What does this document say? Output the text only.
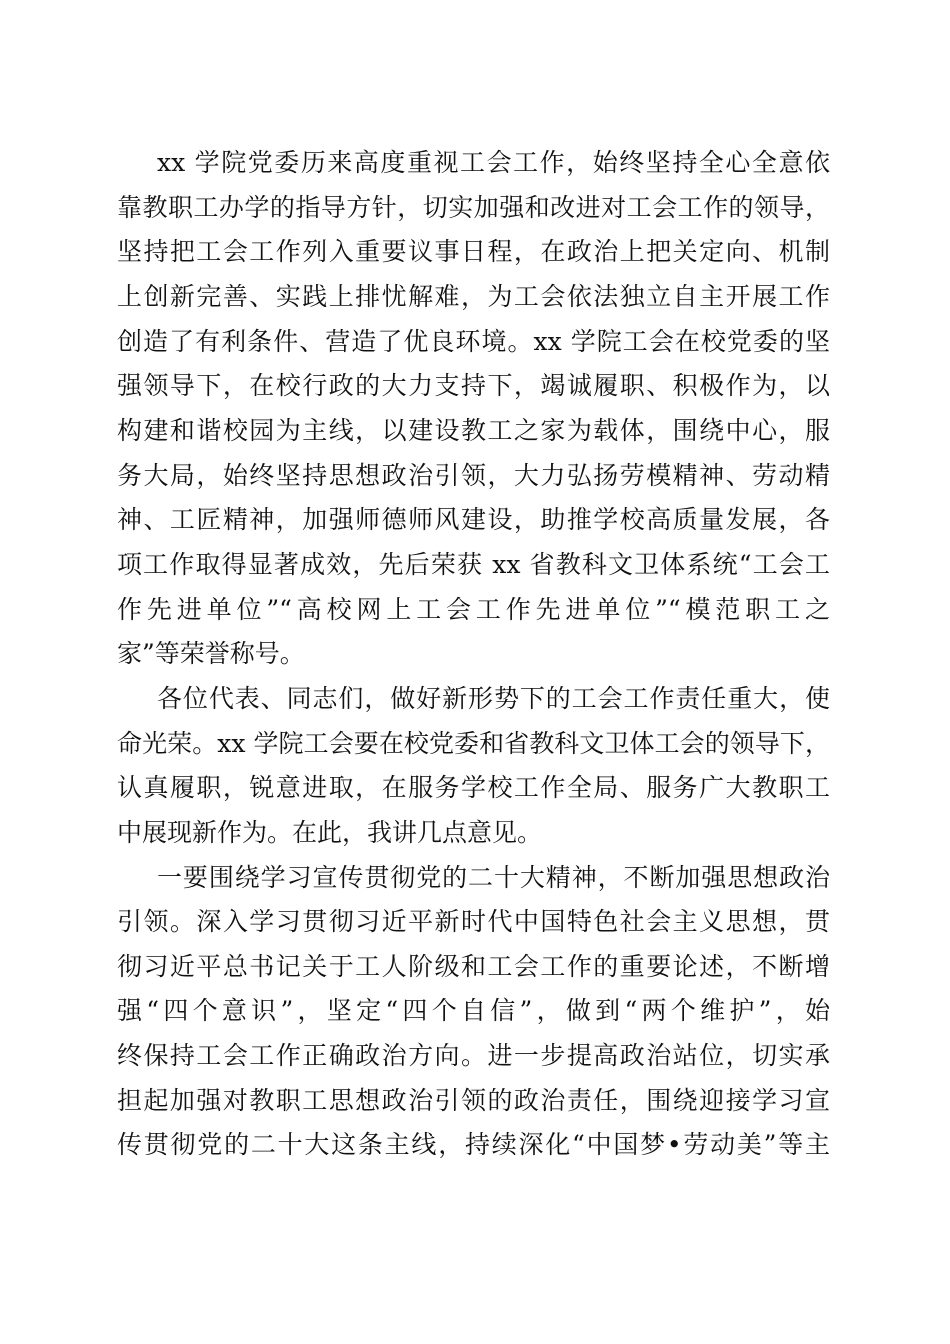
xx 学院党委历来高度重视工会工作，始终坚持全心全意依
靠教职工办学的指导方针，切实加强和改进对工会工作的领导，
坚持把工会工作列入重要议事日程，在政治上把关定向、机制
上创新完善、实践上排忧解难，为工会依法独立自主开展工作
创造了有利条件、营造了优良环境。xx 学院工会在校党委的坚
强领导下，在校行政的大力支持下，竭诚履职、积极作为，以
构建和谐校园为主线，以建设教工之家为载体，围绕中心，服
务大局，始终坚持思想政治引领，大力弘扬劳模精神、劳动精
神、工匠精神，加强师德师风建设，助推学校高质量发展，各
项工作取得显著成效，先后荣获 xx 省教科文卫体系统“工会工
作先进单位”“高校网上工会工作先进单位”“模范职工之
家”等荣誉称号。
各位代表、同志们，做好新形势下的工会工作责任重大，使
命光荣。xx 学院工会要在校党委和省教科文卫体工会的领导下，
认真履职，锐意进取，在服务学校工作全局、服务广大教职工
中展现新作为。在此，我讲几点意见。
一要围绕学习宣传贯彻党的二十大精神，不断加强思想政治
引领。深入学习贯彻习近平新时代中国特色社会主义思想，贯
彻习近平总书记关于工人阶级和工会工作的重要论述，不断增
强“四个意识”，坚定“四个自信”，做到“两个维护”，始
终保持工会工作正确政治方向。进一步提高政治站位，切实承
担起加强对教职工思想政治引领的政治责任，围绕迎接学习宣
传贯彻党的二十大这条主线，持续深化“中国梦•劳动美”等主
